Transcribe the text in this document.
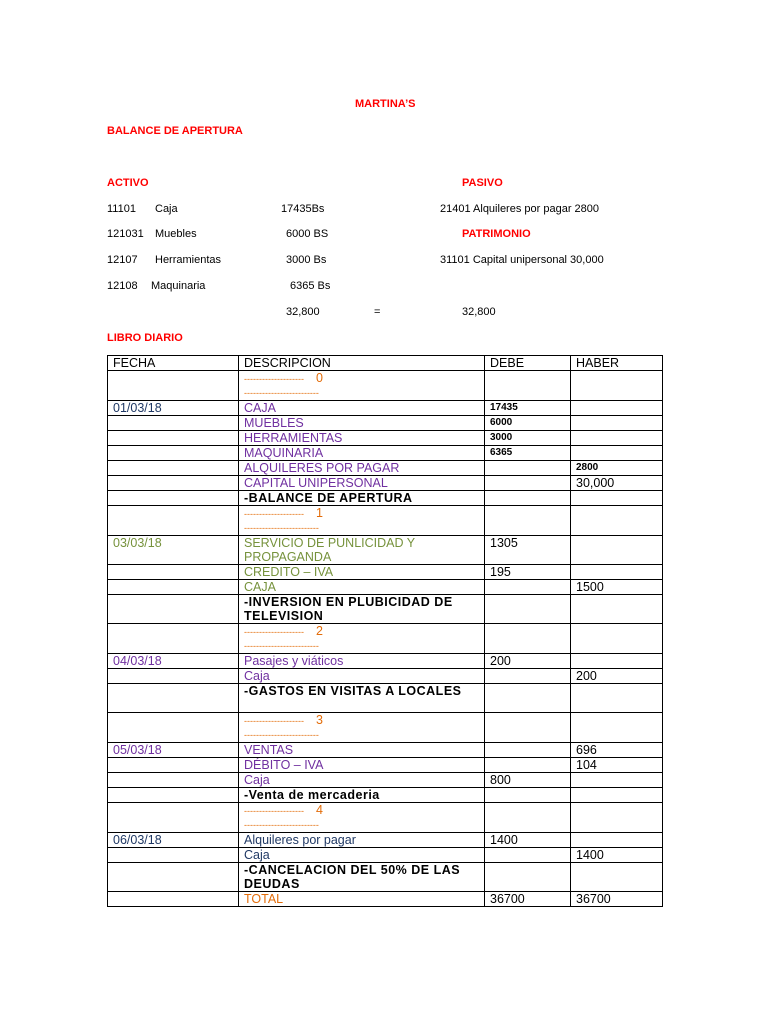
MARTINA’S
BALANCE DE APERTURA
ACTIVO	PASIVO
11101 Caja	17435Bs	21401 Alquileres por pagar 2800
121031 Muebles	6000 BS	PATRIMONIO
12107 Herramientas	3000 Bs	31101 Capital unipersonal 30,000
12108 Maquinaria	6365 Bs
32,800	=	32,800
LIBRO DIARIO
FECHA	DESCRIPCION	DEBE	HABER

	-------------------- 0
-------------------------		

01/03/18	CAJA	17435	
	MUEBLES	6000	
	HERRAMIENTAS	3000	
	MAQUINARIA	6365	
	ALQUILERES POR PAGAR		2800
	CAPITAL UNIPERSONAL		30,000
	-BALANCE DE APERTURA		

	-------------------- 1
-------------------------		

03/03/18	SERVICIO DE PUNLICIDAD Y PROPAGANDA	1305	
	CREDITO – IVA	195	
	CAJA		1500
	-INVERSION EN PLUBICIDAD DE TELEVISION		

	-------------------- 2
-------------------------		

04/03/18	Pasajes y viáticos	200	
	Caja		200
	-GASTOS EN VISITAS A LOCALES		

	-------------------- 3
-------------------------		

05/03/18	VENTAS		696
	DÉBITO – IVA		104
	Caja	800	
	-Venta de mercaderia		

	-------------------- 4
-------------------------		

06/03/18	Alquileres por pagar	1400	
	Caja		1400
	-CANCELACION DEL 50% DE LAS DEUDAS		
	TOTAL	36700	36700
